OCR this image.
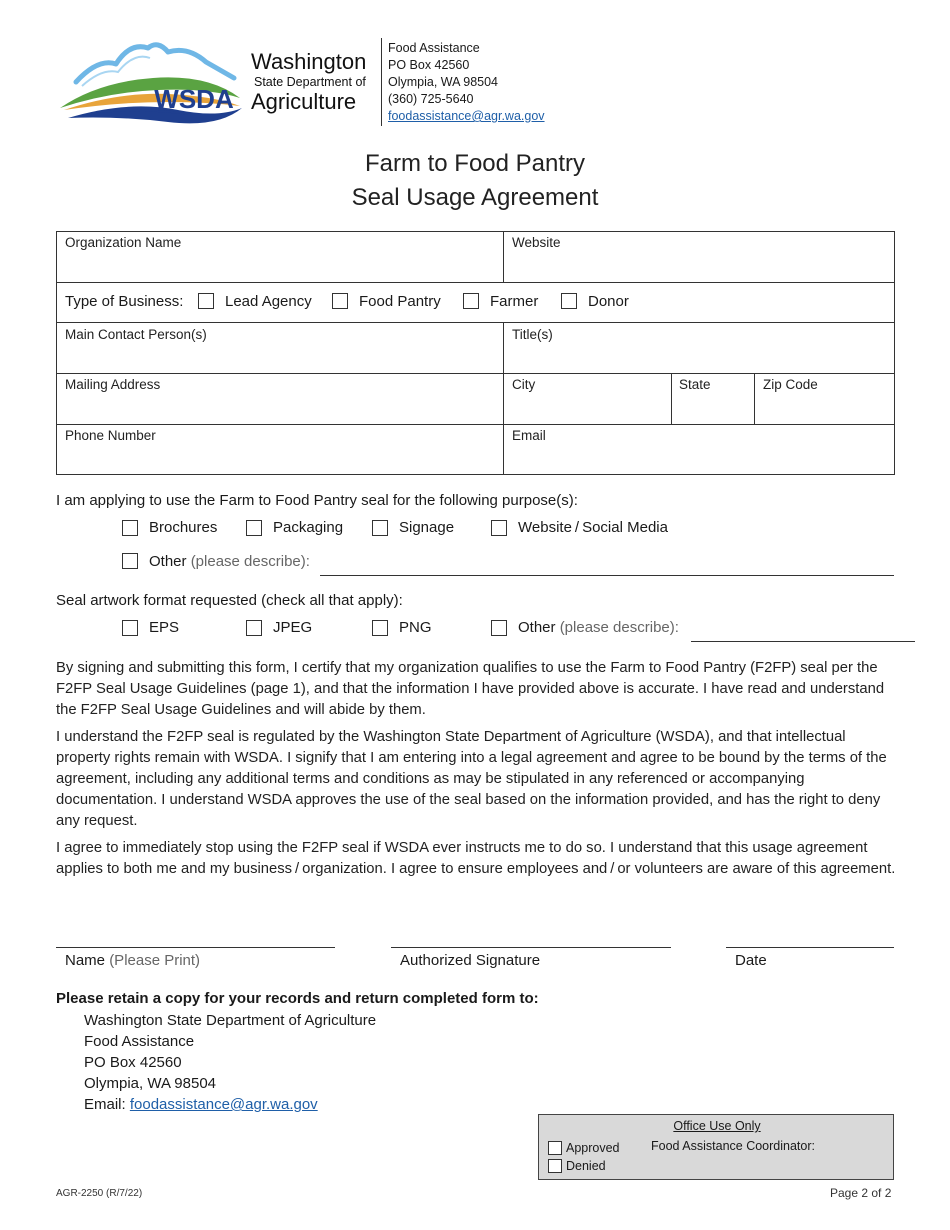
WSDA
Washington
State Department of
Agriculture
Food Assistance
PO Box 42560
Olympia, WA 98504
(360) 725-5640
foodassistance@agr.wa.gov
Farm to Food Pantry
Seal Usage Agreement
Organization Name	Website
Type of Business:	Lead Agency	Food Pantry	Farmer	Donor
Main Contact Person(s)	Title(s)
Mailing Address	City	State	Zip Code
Phone Number	Email
I am applying to use the Farm to Food Pantry seal for the following purpose(s):
Brochures	Packaging	Signage	Website / Social Media
Other (please describe):
Seal artwork format requested (check all that apply):
EPS	JPEG	PNG	Other (please describe):
By signing and submitting this form, I certify that my organization qualifies to use the Farm to Food Pantry (F2FP) seal per the F2FP Seal Usage Guidelines (page 1), and that the information I have provided above is accurate. I have read and understand the F2FP Seal Usage Guidelines and will abide by them.
I understand the F2FP seal is regulated by the Washington State Department of Agriculture (WSDA), and that intellectual property rights remain with WSDA. I signify that I am entering into a legal agreement and agree to be bound by the terms of the agreement, including any additional terms and conditions as may be stipulated in any referenced or accompanying documentation. I understand WSDA approves the use of the seal based on the information provided, and has the right to deny any request.
I agree to immediately stop using the F2FP seal if WSDA ever instructs me to do so. I understand that this usage agreement applies to both me and my business / organization. I agree to ensure employees and / or volunteers are aware of this agreement.
Name (Please Print)	Authorized Signature	Date
Please retain a copy for your records and return completed form to:
Washington State Department of Agriculture
Food Assistance
PO Box 42560
Olympia, WA 98504
Email: foodassistance@agr.wa.gov
Office Use Only
Approved
Denied
Food Assistance Coordinator:
AGR-2250 (R/7/22)	Page 2 of 2
